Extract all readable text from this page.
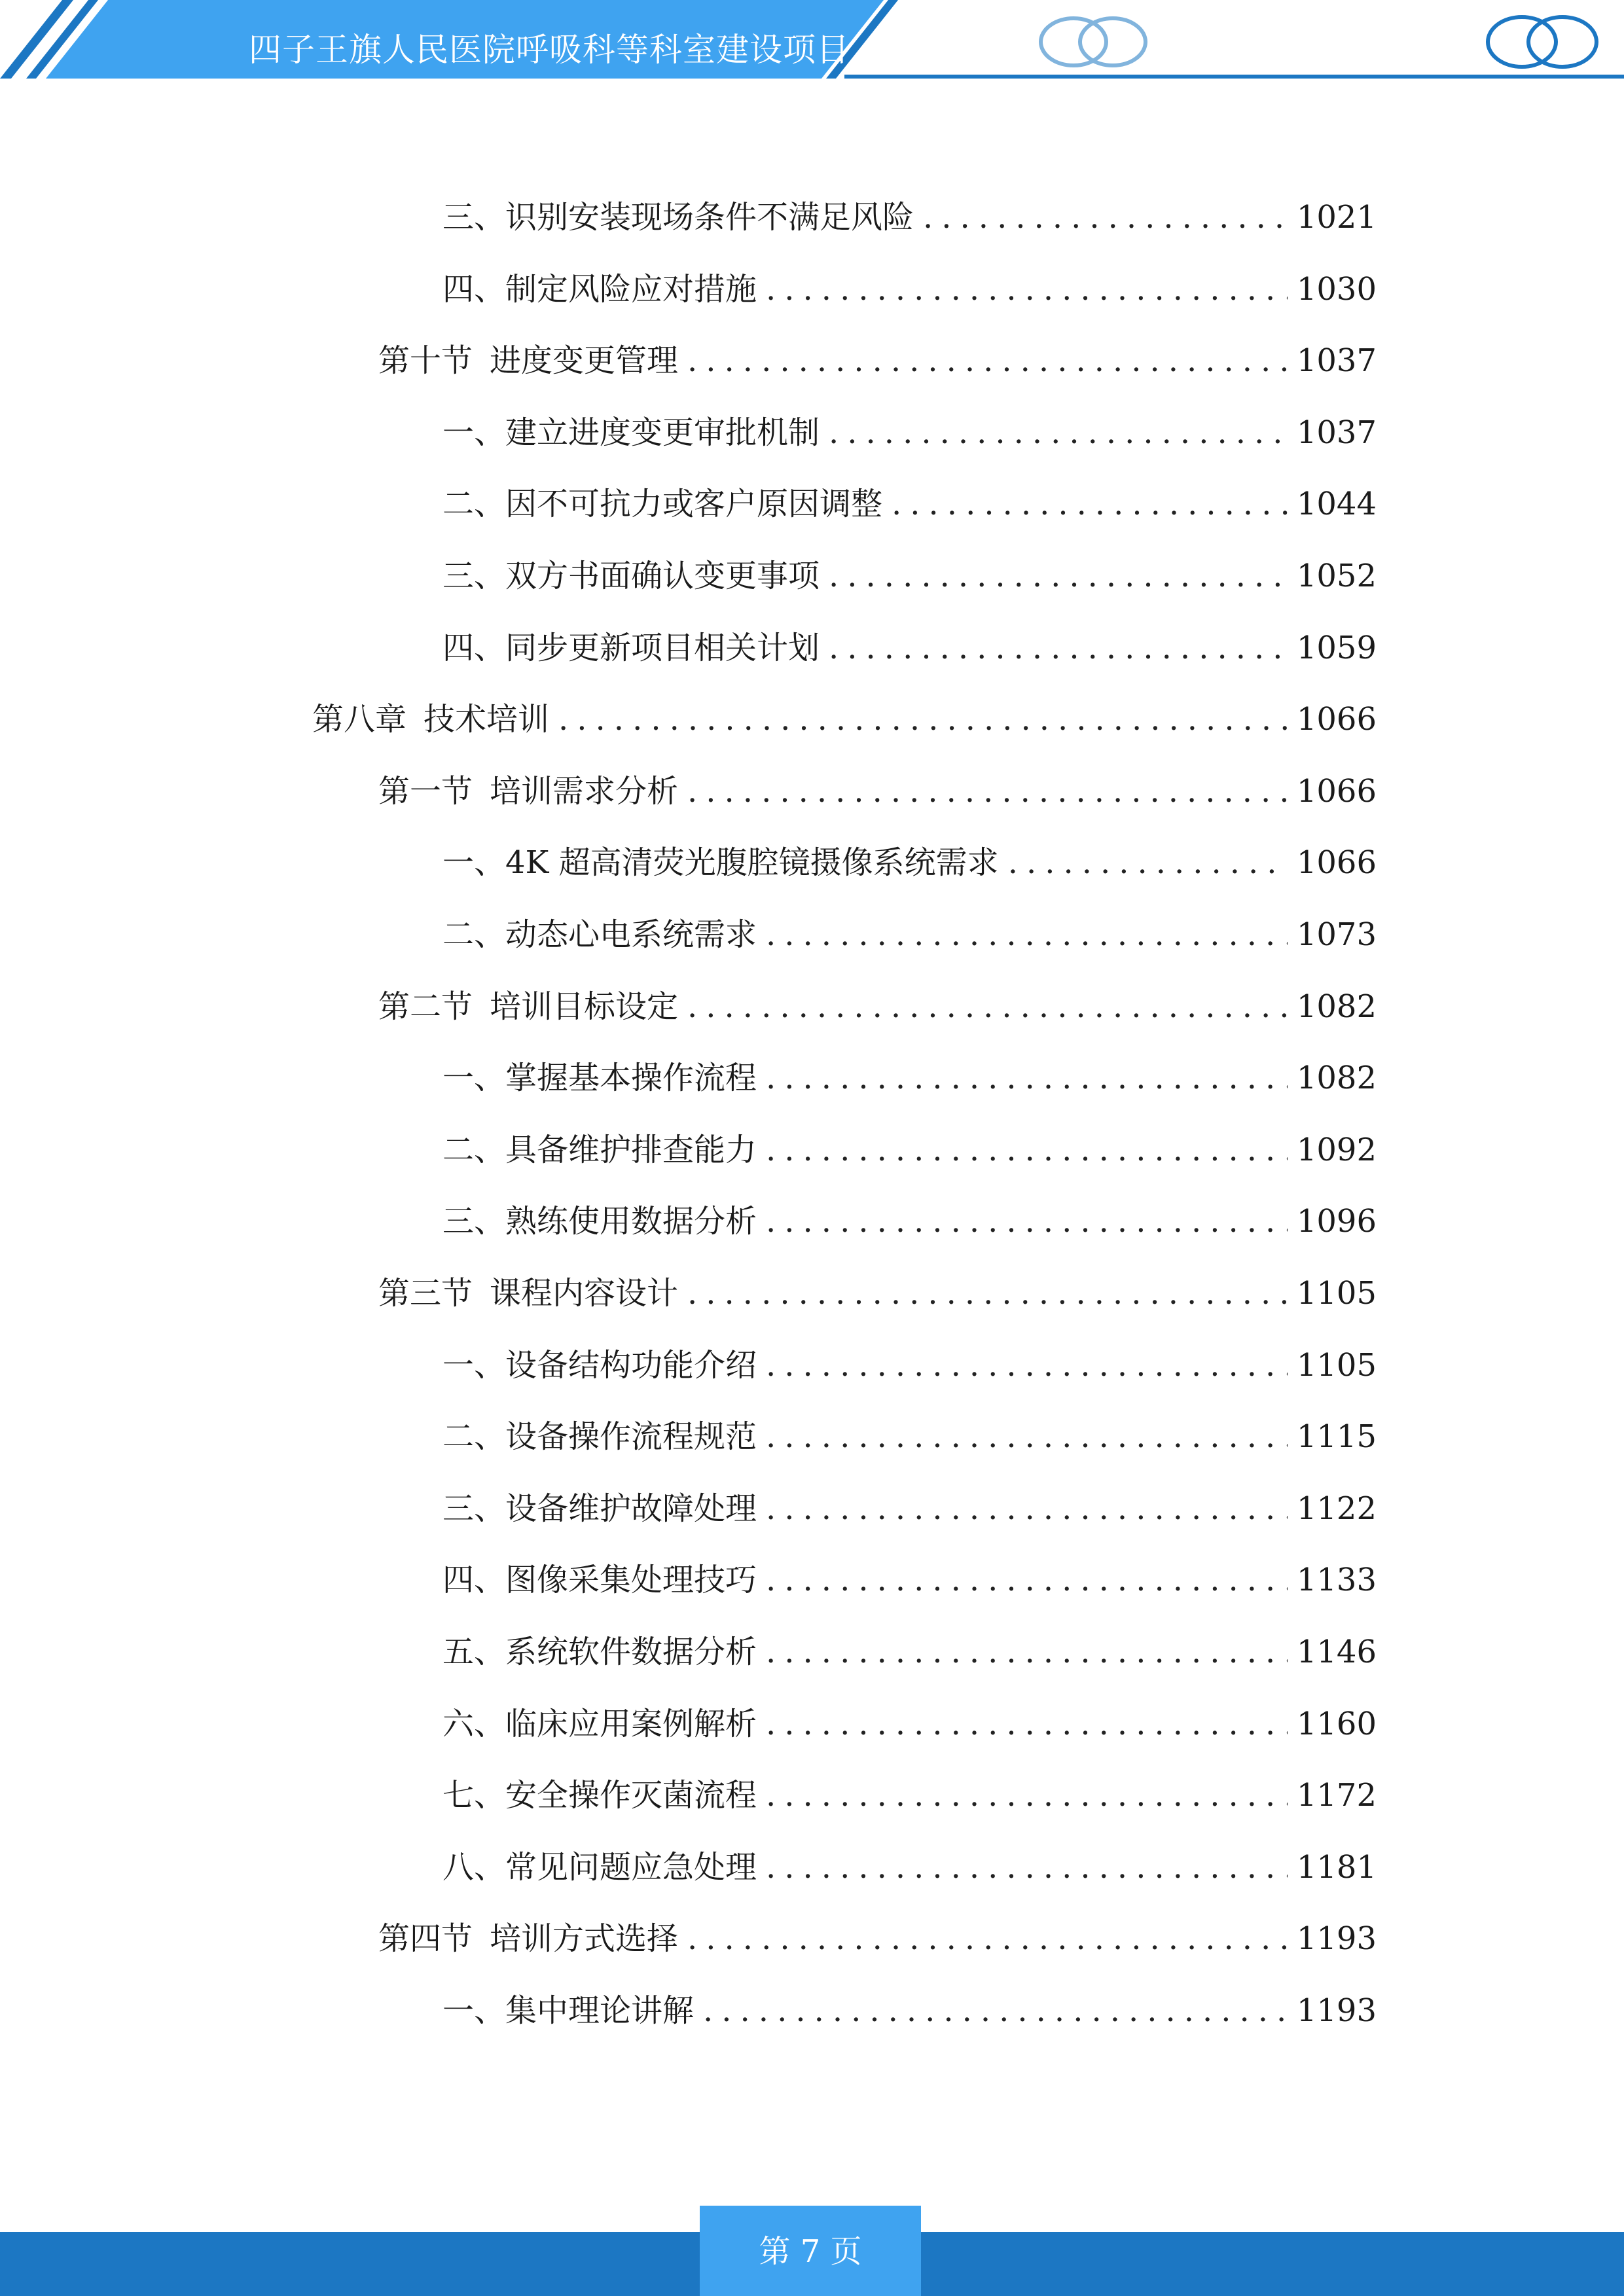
四子王旗人民医院呼吸科等科室建设项目
三、 识别安装现场条件不满足风险 .....	1021
四、 制定风险应对措施 .....	1030
第十节 进度变更管理 .....	1037
一、 建立进度变更审批机制 .....	1037
二、 因不可抗力或客户原因调整 .....	1044
三、 双方书面确认变更事项 .....	1052
四、 同步更新项目相关计划 .....	1059
第八章 技术培训 .....	1066
第一节 培训需求分析 .....	1066
一、 4K 超高清荧光腹腔镜摄像系统需求 .....	1066
二、 动态心电系统需求 .....	1073
第二节 培训目标设定 .....	1082
一、 掌握基本操作流程 .....	1082
二、 具备维护排查能力 .....	1092
三、 熟练使用数据分析 .....	1096
第三节 课程内容设计 .....	1105
一、 设备结构功能介绍 .....	1105
二、 设备操作流程规范 .....	1115
三、 设备维护故障处理 .....	1122
四、 图像采集处理技巧 .....	1133
五、 系统软件数据分析 .....	1146
六、 临床应用案例解析 .....	1160
七、 安全操作灭菌流程 .....	1172
八、 常见问题应急处理 .....	1181
第四节 培训方式选择 .....	1193
一、 集中理论讲解 .....	1193
第 7 页
